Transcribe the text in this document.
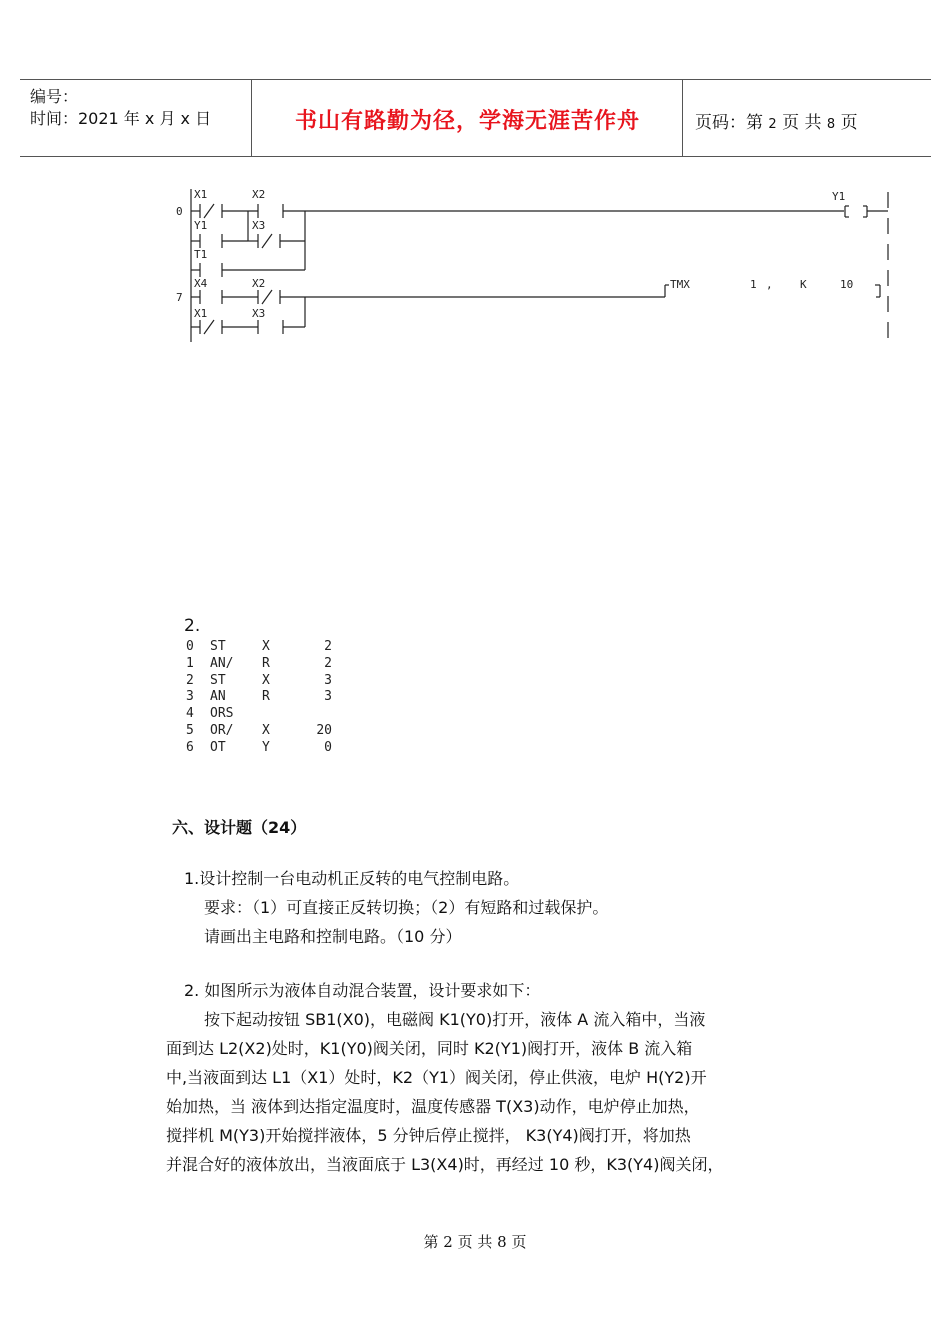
编号：
时间：2021 年 x 月 x 日	书山有路勤为径，学海无涯苦作舟	页码：第 2 页 共 8 页
0
X1	X2
Y1	X3
T1
Y1
7
X4	X2
X1	X3
TMX	1 , K	10
2.
0	ST	X	2
1	AN/	R	2
2	ST	X	3
3	AN	R	3
4	ORS		
5	OR/	X	20
6	OT	Y	0
六、设计题（24）
1.设计控制一台电动机正反转的电气控制电路。
要求：（1）可直接正反转切换；（2）有短路和过载保护。
请画出主电路和控制电路。（10 分）
2. 如图所示为液体自动混合装置，设计要求如下：
按下起动按钮 SB1(X0)，电磁阀 K1(Y0)打开，液体 A 流入箱中，当液
面到达 L2(X2)处时，K1(Y0)阀关闭，同时 K2(Y1)阀打开，液体 B 流入箱
中,当液面到达 L1（X1）处时，K2（Y1）阀关闭，停止供液，电炉 H(Y2)开
始加热，当 液体到达指定温度时，温度传感器 T(X3)动作，电炉停止加热，
搅拌机 M(Y3)开始搅拌液体，5 分钟后停止搅拌， K3(Y4)阀打开，将加热
并混合好的液体放出，当液面底于 L3(X4)时，再经过 10 秒，K3(Y4)阀关闭，
第 2 页 共 8 页
